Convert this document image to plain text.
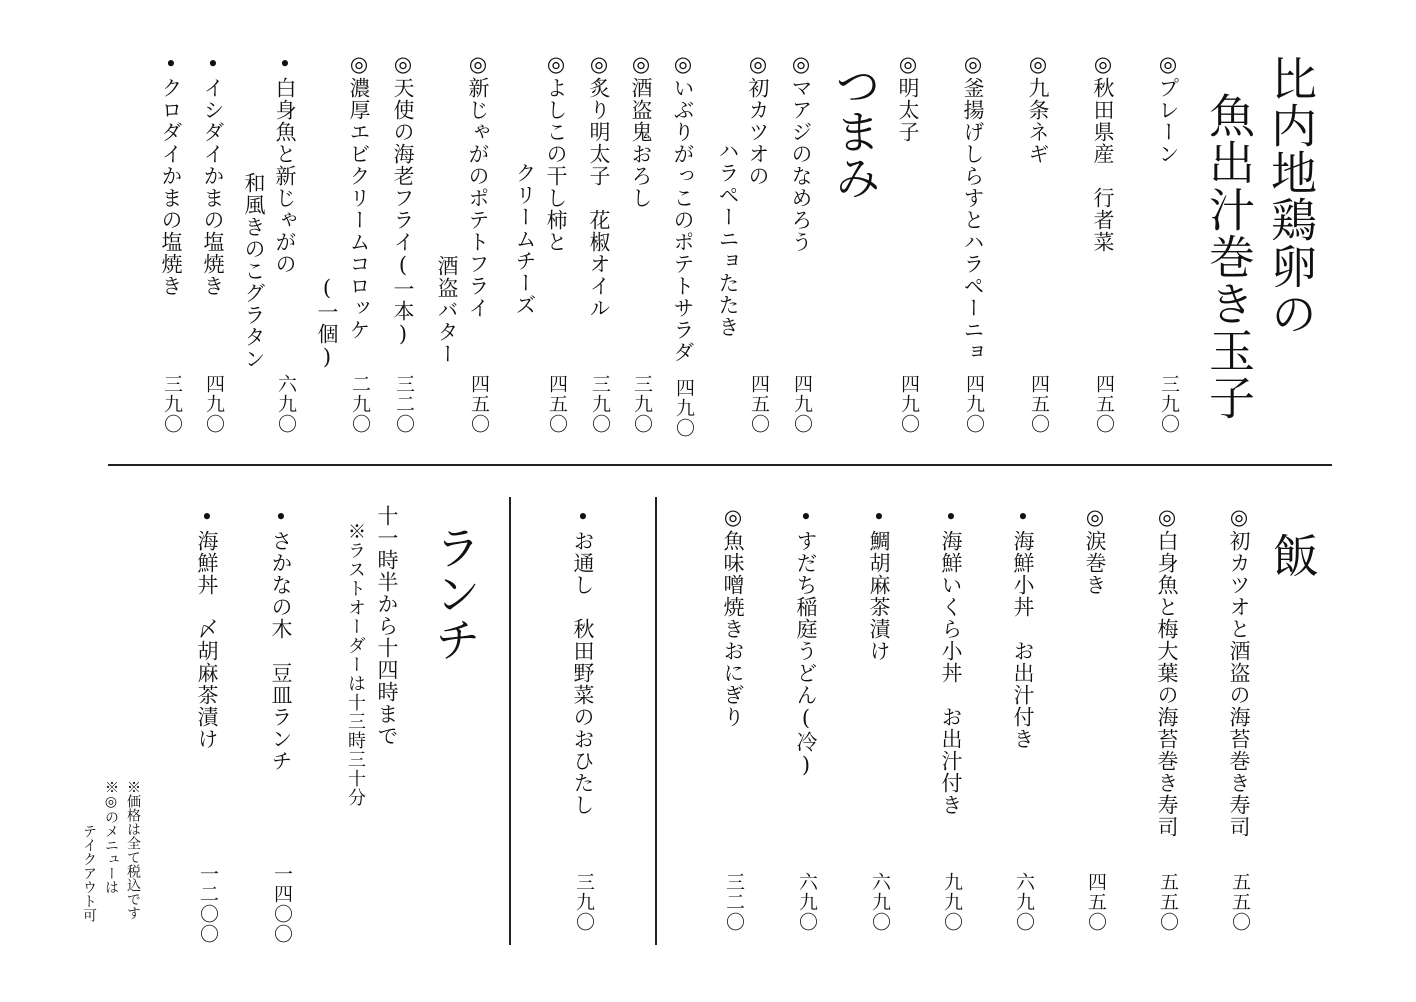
比内地鶏卵の
魚出汁巻き玉子
◎プレーン
三九〇
◎秋田県産　行者菜
四五〇
◎九条ネギ
四五〇
◎釜揚げしらすとハラペーニョ
四九〇
◎明太子
四九〇
つまみ
◎マアジのなめろう
四九〇
◎初カツオの
ハラペーニョたたき
四五〇
◎いぶりがっこのポテトサラダ
四九〇
◎酒盗鬼おろし
三九〇
◎炙り明太子　花椒オイル
三九〇
◎よしこの干し柿と
クリームチーズ
四五〇
◎新じゃがのポテトフライ
酒盗バター
四五〇
◎天使の海老フライ(一本)
三二〇
◎濃厚エビクリームコロッケ
(一個)
二九〇
•白身魚と新じゃがの
和風きのこグラタン
六九〇
•イシダイかまの塩焼き
四九〇
•クロダイかまの塩焼き
三九〇
飯
◎初カツオと酒盗の海苔巻き寿司
五五〇
◎白身魚と梅大葉の海苔巻き寿司
五五〇
◎涙巻き
四五〇
•海鮮小丼　お出汁付き
六九〇
•海鮮いくら小丼　お出汁付き
九九〇
•鯛胡麻茶漬け
六九〇
•すだち稲庭うどん(冷)
六九〇
◎魚味噌焼きおにぎり
三二〇
•お通し　秋田野菜のおひたし
三九〇
ランチ
十一時半から十四時まで
※ラストオーダーは十三時三十分
•さかなの木　豆皿ランチ
一四〇〇
•海鮮丼　〆胡麻茶漬け
一二〇〇
※価格は全て税込です
※◎のメニューは
テイクアウト可
